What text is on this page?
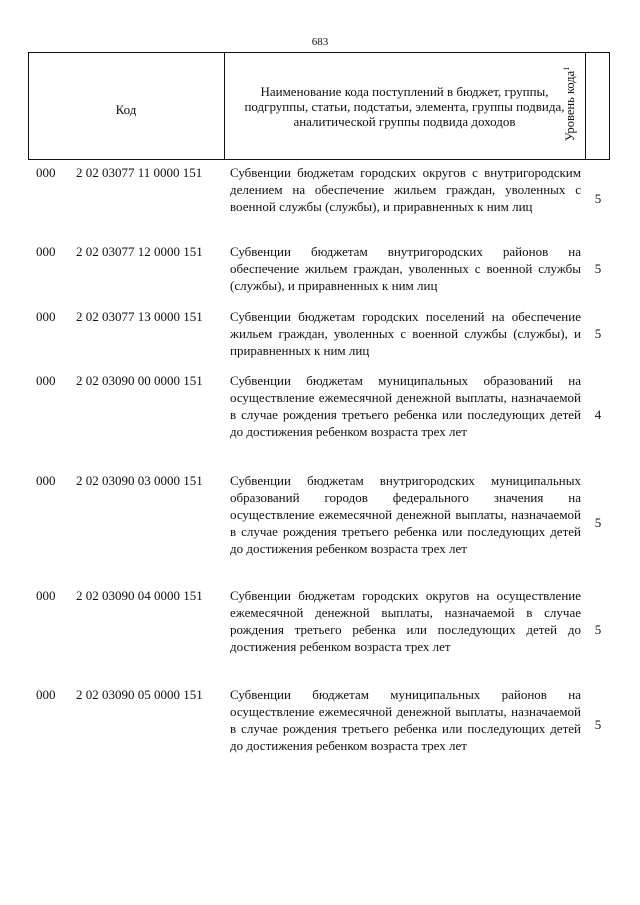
683
Код
Наименование кода поступлений в бюджет, группы, подгруппы, статьи, подстатьи, элемента, группы подвида, аналитической группы подвида доходов	Уровень кода$^1$
000 2 02 03077 11 0000 151 Субвенции бюджетам городских округов с внутригородским делением на обеспечение жильем граждан, уволенных с военной службы (службы), и приравненных к ним лиц
5
000 2 02 03077 12 0000 151 Субвенции бюджетам внутригородских районов на обеспечение жильем граждан, уволенных с военной службы (службы), и приравненных к ним лиц
5
000 2 02 03077 13 0000 151 Субвенции бюджетам городских поселений на обеспечение жильем граждан, уволенных с военной службы (службы), и приравненных к ним лиц
5
000 2 02 03090 00 0000 151 Субвенции бюджетам муниципальных образований на осуществление ежемесячной денежной выплаты, назначаемой в случае рождения третьего ребенка или последующих детей до достижения ребенком возраста трех лет
4
000 2 02 03090 03 0000 151 Субвенции бюджетам внутригородских муниципальных образований городов федерального значения на осуществление ежемесячной денежной выплаты, назначаемой в случае рождения третьего ребенка или последующих детей до достижения ребенком возраста трех лет
5
000 2 02 03090 04 0000 151 Субвенции бюджетам городских округов на осуществление ежемесячной денежной выплаты, назначаемой в случае рождения третьего ребенка или последующих детей до достижения ребенком возраста трех лет
5
000 2 02 03090 05 0000 151 Субвенции бюджетам муниципальных районов на осуществление ежемесячной денежной выплаты, назначаемой в случае рождения третьего ребенка или последующих детей до достижения ребенком возраста трех лет
5
